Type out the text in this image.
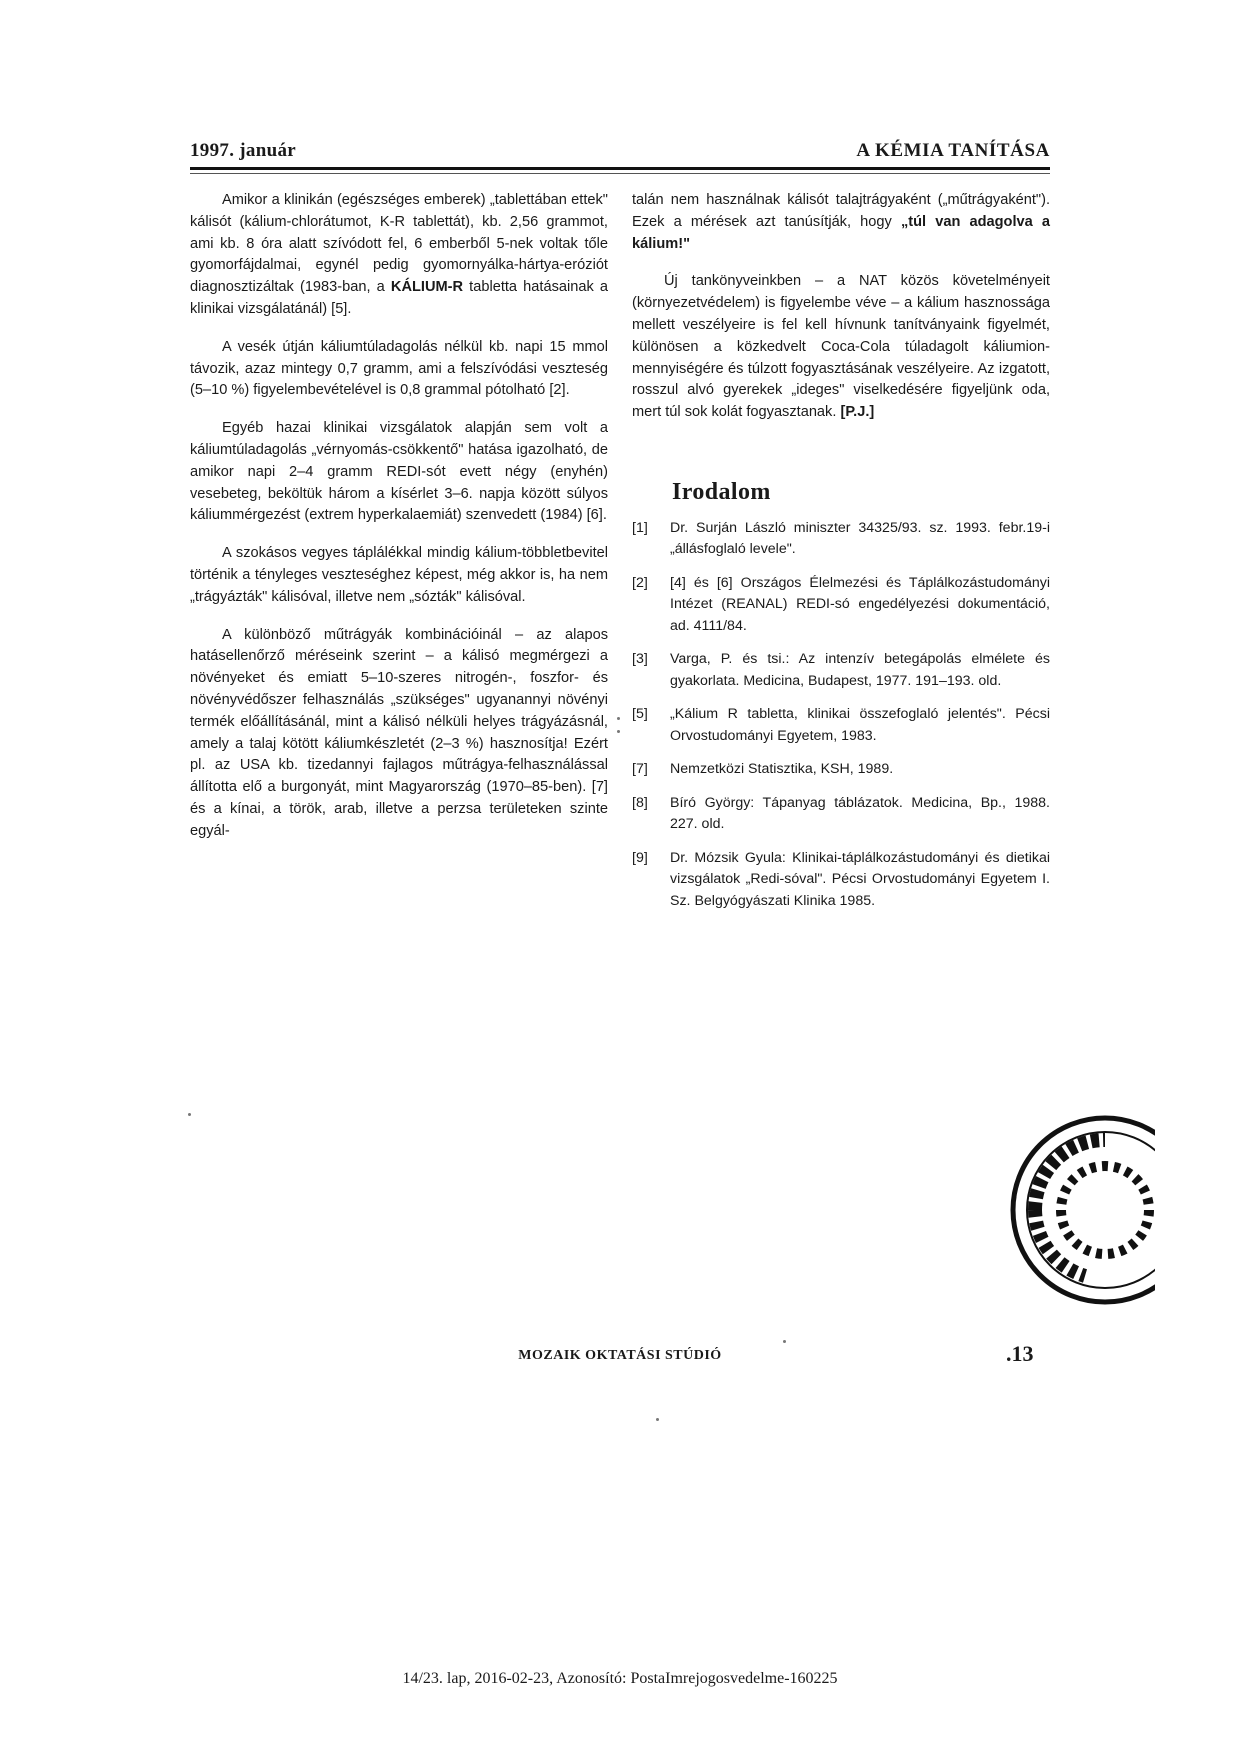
1997. január	A KÉMIA TANÍTÁSA

Amikor a klinikán (egészséges emberek) „tablettában ettek" kálisót (kálium-chlorátumot, K-R tablettát), kb. 2,56 grammot, ami kb. 8 óra alatt szívódott fel, 6 emberből 5-nek voltak tőle gyomorfájdalmai, egynél pedig gyomornyálka-hártya-eróziót diagnosztizáltak (1983-ban, a KÁLIUM-R tabletta hatásainak a klinikai vizsgálatánál) [5].

A vesék útján káliumtúladagolás nélkül kb. napi 15 mmol távozik, azaz mintegy 0,7 gramm, ami a felszívódási veszteség (5–10 %) figyelembevételével is 0,8 grammal pótolható [2].

Egyéb hazai klinikai vizsgálatok alapján sem volt a káliumtúladagolás „vérnyomás-csökkentő" hatása igazolható, de amikor napi 2–4 gramm REDI-sót evett négy (enyhén) vesebeteg, beköltük három a kísérlet 3–6. napja között súlyos káliummérgezést (extrem hyperkalaemiát) szenvedett (1984) [6].

A szokásos vegyes táplálékkal mindig kálium-többletbevitel történik a tényleges veszteséghez képest, még akkor is, ha nem „trágyázták" kálisóval, illetve nem „sózták" kálisóval.

A különböző műtrágyák kombinációinál – az alapos hatásellenőrző méréseink szerint – a kálisó megmérgezi a növényeket és emiatt 5–10-szeres nitrogén-, foszfor- és növényvédőszer felhasználás „szükséges" ugyanannyi növényi termék előállításánál, mint a kálisó nélküli helyes trágyázásnál, amely a talaj kötött káliumkészletét (2–3 %) hasznosítja! Ezért pl. az USA kb. tizedannyi fajlagos műtrágya-felhasználással állította elő a burgonyát, mint Magyarország (1970–85-ben). [7] és a kínai, a török, arab, illetve a perzsa területeken szinte egyál-

talán nem használnak kálisót talajtrágyaként („műtrágyaként"). Ezek a mérések azt tanúsítják, hogy „túl van adagolva a kálium!"

Új tankönyveinkben – a NAT közös követelményeit (környezetvédelem) is figyelembe véve – a kálium hasznossága mellett veszélyeire is fel kell hívnunk tanítványaink figyelmét, különösen a közkedvelt Coca-Cola túladagolt káliumion-mennyiségére és túlzott fogyasztásának veszélyeire. Az izgatott, rosszul alvó gyerekek „ideges" viselkedésére figyeljünk oda, mert túl sok kolát fogyasztanak. [P.J.]

Irodalom
[1]	Dr. Surján László miniszter 34325/93. sz. 1993. febr.19-i „állásfoglaló levele".
[2]	[4] és [6] Országos Élelmezési és Táplálkozástudományi Intézet (REANAL) REDI-só engedélyezési dokumentáció, ad. 4111/84.
[3]	Varga, P. és tsi.: Az intenzív betegápolás elmélete és gyakorlata. Medicina, Budapest, 1977. 191–193. old.
[5]	„Kálium R tabletta, klinikai összefoglaló jelentés". Pécsi Orvostudományi Egyetem, 1983.
[7]	Nemzetközi Statisztika, KSH, 1989.
[8]	Bíró György: Tápanyag táblázatok. Medicina, Bp., 1988. 227. old.
[9]	Dr. Mózsik Gyula: Klinikai-táplálkozástudományi és dietikai vizsgálatok „Redi-sóval". Pécsi Orvostudományi Egyetem I. Sz. Belgyógyászati Klinika 1985.
MOZAIK OKTATÁSI STÚDIÓ	.13
14/23. lap, 2016-02-23, Azonosító: PostaImrejogosvedelme-160225
